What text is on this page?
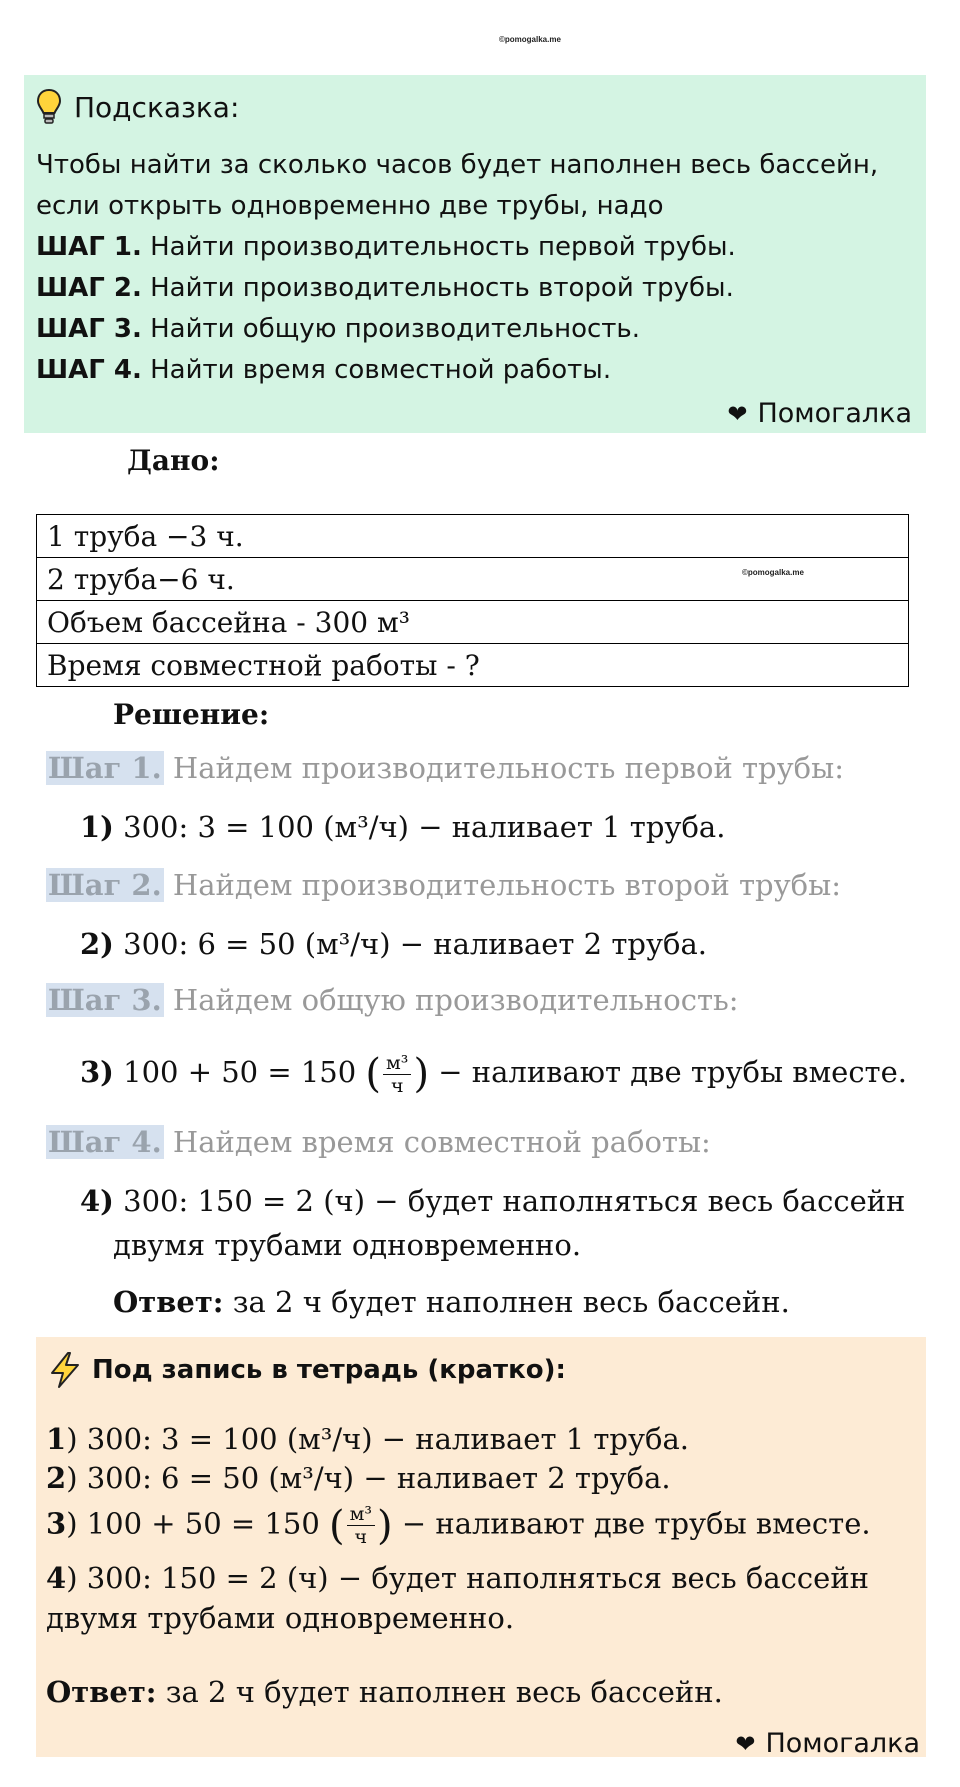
©pomogalka.me
Подсказка:
Чтобы найти за сколько часов будет наполнен весь бассейн,
если открыть одновременно две трубы, надо
ШАГ 1. Найти производительность первой трубы.
ШАГ 2. Найти производительность второй трубы.
ШАГ 3. Найти общую производительность.
ШАГ 4. Найти время совместной работы.
❤ Помогалка
Дано:
1 труба −3 ч.
2 труба−6 ч.	©pomogalka.me

Объем бассейна - 300 м³
Время совместной работы - ?
Решение:
Шаг 1. Найдем производительность первой трубы:
1) 300: 3 = 100 (м³/ч) − наливает 1 труба.
Шаг 2. Найдем производительность второй трубы:
2) 300: 6 = 50 (м³/ч) − наливает 2 труба.
Шаг 3. Найдем общую производительность:
3) 100 + 50 = 150 ( м³
ч ) − наливают две трубы вместе.
Шаг 4. Найдем время совместной работы:
4) 300: 150 = 2 (ч) − будет наполняться весь бассейн
двумя трубами одновременно.
Ответ: за 2 ч будет наполнен весь бассейн.
Под запись в тетрадь (кратко):
1) 300: 3 = 100 (м³/ч) − наливает 1 труба.
2) 300: 6 = 50 (м³/ч) − наливает 2 труба.
3) 100 + 50 = 150 ( м³
ч ) − наливают две трубы вместе.
4) 300: 150 = 2 (ч) − будет наполняться весь бассейн
двумя трубами одновременно.
Ответ: за 2 ч будет наполнен весь бассейн.
❤ Помогалка
